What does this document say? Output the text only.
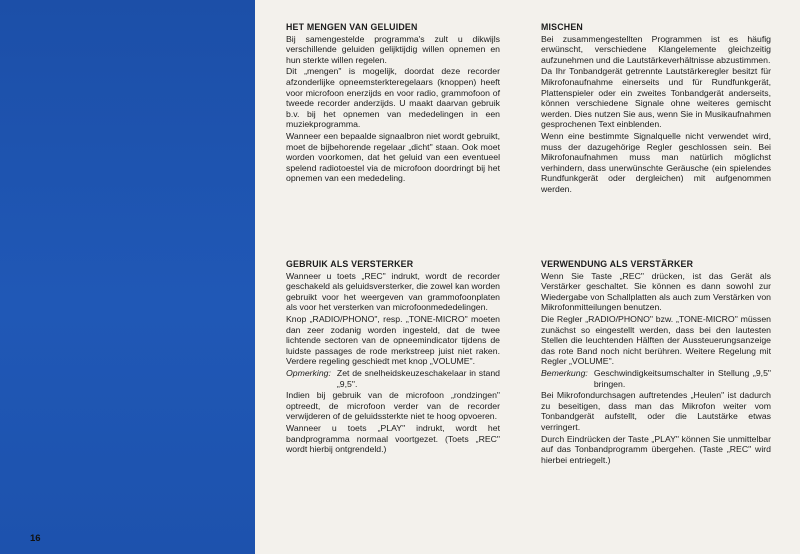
16
HET MENGEN VAN GELUIDEN

Bij samengestelde programma's zult u dikwijls verschillende geluiden gelijktijdig willen opnemen en hun sterkte willen regelen.

Dit „mengen" is mogelijk, doordat deze recorder afzonderlijke opneemsterkteregelaars (knoppen) heeft voor microfoon enerzijds en voor radio, grammofoon of tweede recorder anderzijds. U maakt daarvan gebruik b.v. bij het opnemen van mededelingen in een muziekprogramma.

Wanneer een bepaalde signaalbron niet wordt gebruikt, moet de bijbehorende regelaar „dicht" staan. Ook moet worden voorkomen, dat het geluid van een eventueel spelend radiotoestel via de microfoon doordringt bij het opnemen van een mededeling.

MISCHEN

Bei zusammengestellten Programmen ist es häufig erwünscht, verschiedene Klangelemente gleichzeitig aufzunehmen und die Lautstärkeverhältnisse abzustimmen.

Da Ihr Tonbandgerät getrennte Lautstärkeregler besitzt für Mikrofonaufnahme einerseits und für Rundfunkgerät, Plattenspieler oder ein zweites Tonbandgerät anderseits, können verschiedene Signale ohne weiteres gemischt werden. Dies nutzen Sie aus, wenn Sie in Musikaufnahmen gesprochenen Text einblenden.

Wenn eine bestimmte Signalquelle nicht verwendet wird, muss der dazugehörige Regler geschlossen sein. Bei Mikrofonaufnahmen muss man natürlich möglichst verhindern, dass unerwünschte Geräusche (ein spielendes Rundfunkgerät oder dergleichen) mit aufgenommen werden.

GEBRUIK ALS VERSTERKER

Wanneer u toets „REC" indrukt, wordt de recorder geschakeld als geluidsversterker, die zowel kan worden gebruikt voor het weergeven van grammofoonplaten als voor het versterken van microfoonmededelingen.

Knop „RADIO/PHONO", resp. „TONE-MICRO" moeten dan zeer zodanig worden ingesteld, dat de twee lichtende sectoren van de opneemindicator tijdens de luidste passages de rode merkstreep juist niet raken. Verdere regeling geschiedt met knop „VOLUME".

Opmerking: Zet de snelheidskeuzeschakelaar in stand „9,5".

Indien bij gebruik van de microfoon „rondzingen" optreedt, de microfoon verder van de recorder verwijderen of de geluidssterkte niet te hoog opvoeren.

Wanneer u toets „PLAY" indrukt, wordt het bandprogramma normaal voortgezet. (Toets „REC" wordt hierbij ontgrendeld.)

VERWENDUNG ALS VERSTÄRKER

Wenn Sie Taste „REC" drücken, ist das Gerät als Verstärker geschaltet. Sie können es dann sowohl zur Wiedergabe von Schallplatten als auch zum Verstärken von Mikrofonmitteilungen benutzen.

Die Regler „RADIO/PHONO" bzw. „TONE-MICRO" müssen zunächst so eingestellt werden, dass bei den lautesten Stellen die leuchtenden Hälften der Aussteuerungsanzeige das rote Band noch nicht berühren. Weitere Regelung mit Regler „VOLUME".

Bemerkung: Geschwindigkeitsumschalter in Stellung „9,5" bringen.

Bei Mikrofondurchsagen auftretendes „Heulen" ist dadurch zu beseitigen, dass man das Mikrofon weiter vom Tonbandgerät aufstellt, oder die Lautstärke etwas verringert.

Durch Eindrücken der Taste „PLAY" können Sie unmittelbar auf das Tonbandprogramm übergehen. (Taste „REC" wird hierbei entriegelt.)
